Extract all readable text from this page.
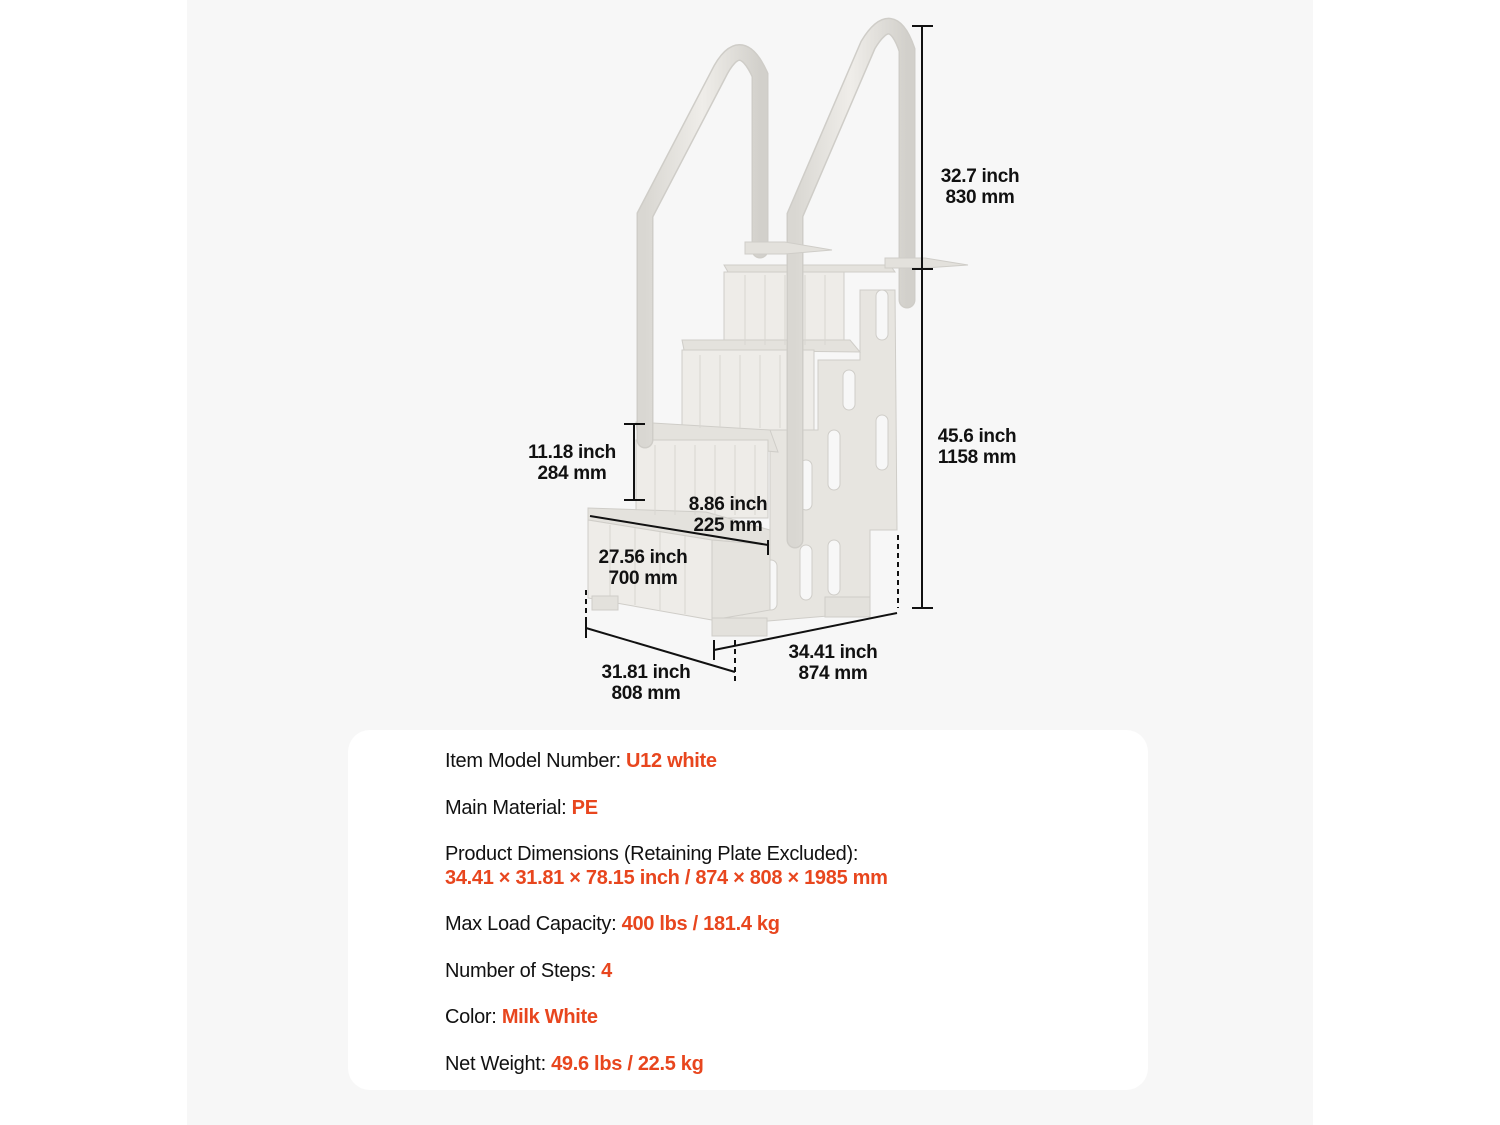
32.7 inch
830 mm
45.6 inch
1158 mm
11.18 inch
284 mm
8.86 inch
225 mm
27.56 inch
700 mm
31.81 inch
808 mm
34.41 inch
874 mm
Item Model Number: U12 white
Main Material: PE
Product Dimensions (Retaining Plate Excluded):
34.41 × 31.81 × 78.15 inch / 874 × 808 × 1985 mm
Max Load Capacity: 400 lbs / 181.4 kg
Number of Steps: 4
Color: Milk White
Net Weight: 49.6 lbs / 22.5 kg
